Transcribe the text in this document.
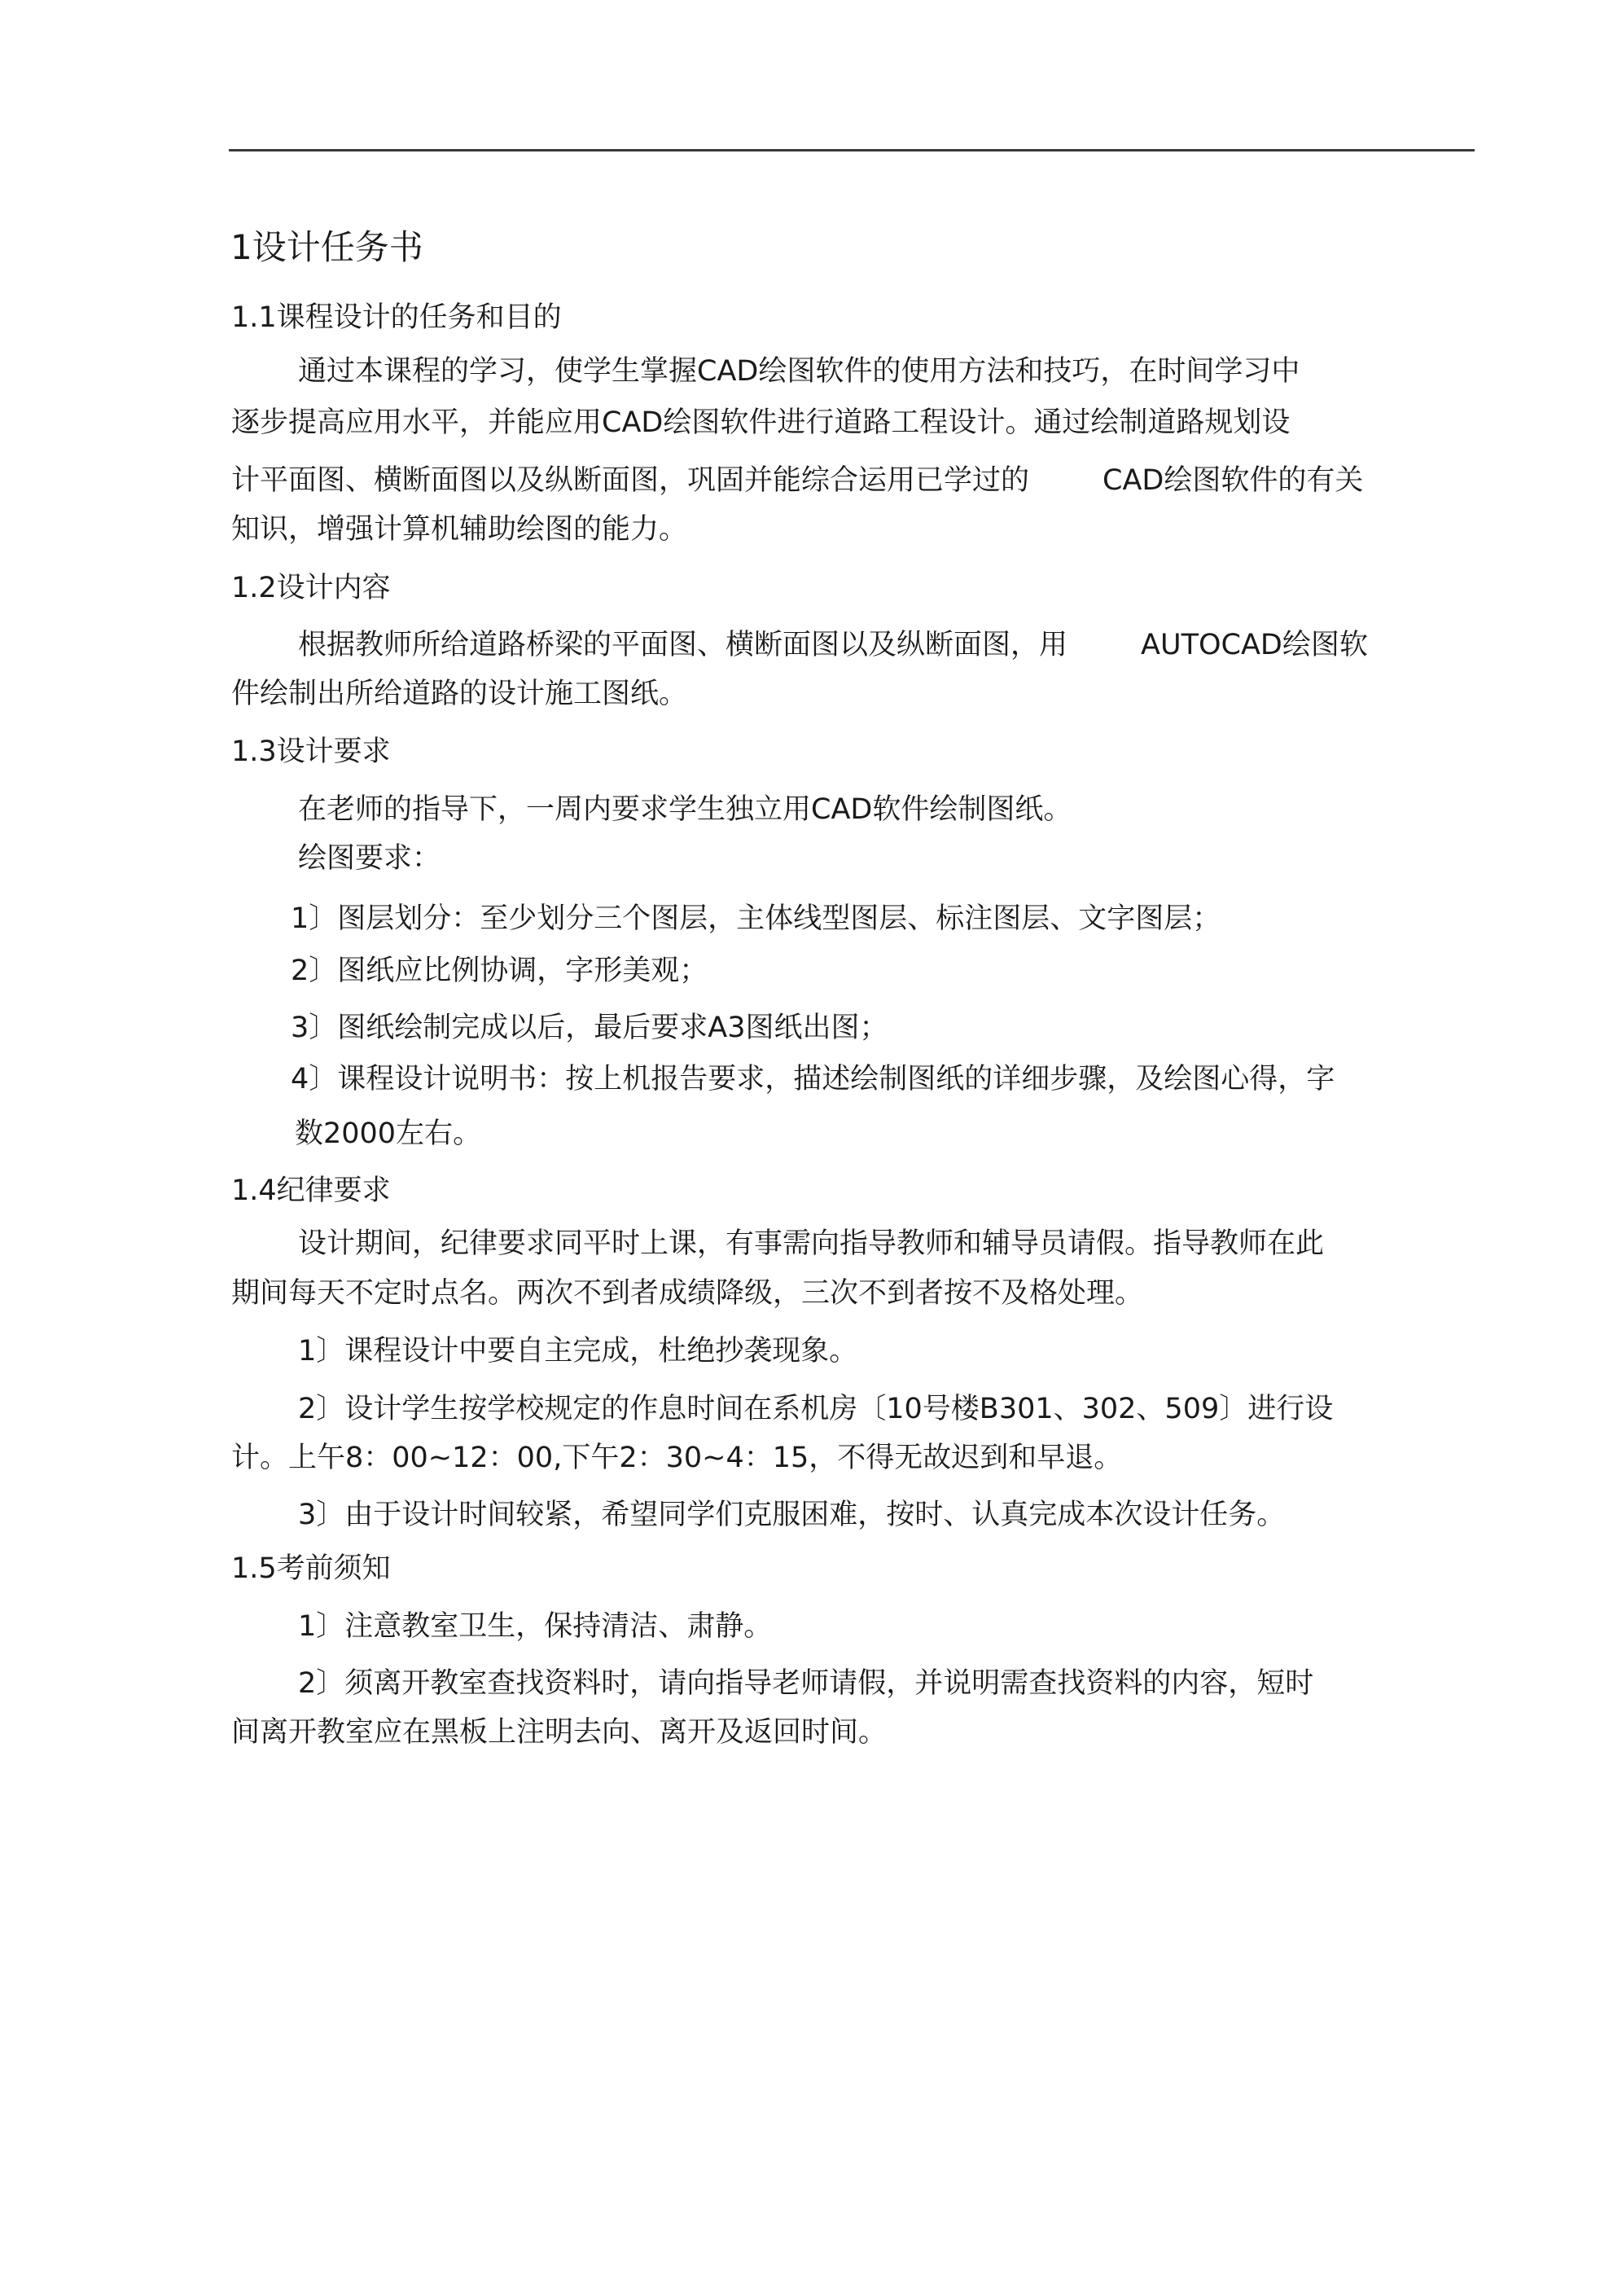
1设计任务书
1.1课程设计的任务和目的
通过本课程的学习，使学生掌握CAD绘图软件的使用方法和技巧，在时间学习中
逐步提高应用水平，并能应用CAD绘图软件进行道路工程设计。通过绘制道路规划设
计平面图、横断面图以及纵断面图，巩固并能综合运用已学过的	CAD绘图软件的有关
知识，增强计算机辅助绘图的能力。
1.2设计内容
根据教师所给道路桥梁的平面图、横断面图以及纵断面图，用	AUTOCAD绘图软
件绘制出所给道路的设计施工图纸。
1.3设计要求
在老师的指导下，一周内要求学生独立用CAD软件绘制图纸。
绘图要求：
1〕图层划分：至少划分三个图层，主体线型图层、标注图层、文字图层；
2〕图纸应比例协调，字形美观；
3〕图纸绘制完成以后，最后要求A3图纸出图；
4〕课程设计说明书：按上机报告要求，描述绘制图纸的详细步骤，及绘图心得，字
数2000左右。
1.4纪律要求
设计期间，纪律要求同平时上课，有事需向指导教师和辅导员请假。指导教师在此
期间每天不定时点名。两次不到者成绩降级，三次不到者按不及格处理。
1〕课程设计中要自主完成，杜绝抄袭现象。
2〕设计学生按学校规定的作息时间在系机房〔10号楼B301、302、509〕进行设
计。上午8：00~12：00,下午2：30~4：15，不得无故迟到和早退。
3〕由于设计时间较紧，希望同学们克服困难，按时、认真完成本次设计任务。
1.5考前须知
1〕注意教室卫生，保持清洁、肃静。
2〕须离开教室查找资料时，请向指导老师请假，并说明需查找资料的内容，短时
间离开教室应在黑板上注明去向、离开及返回时间。
